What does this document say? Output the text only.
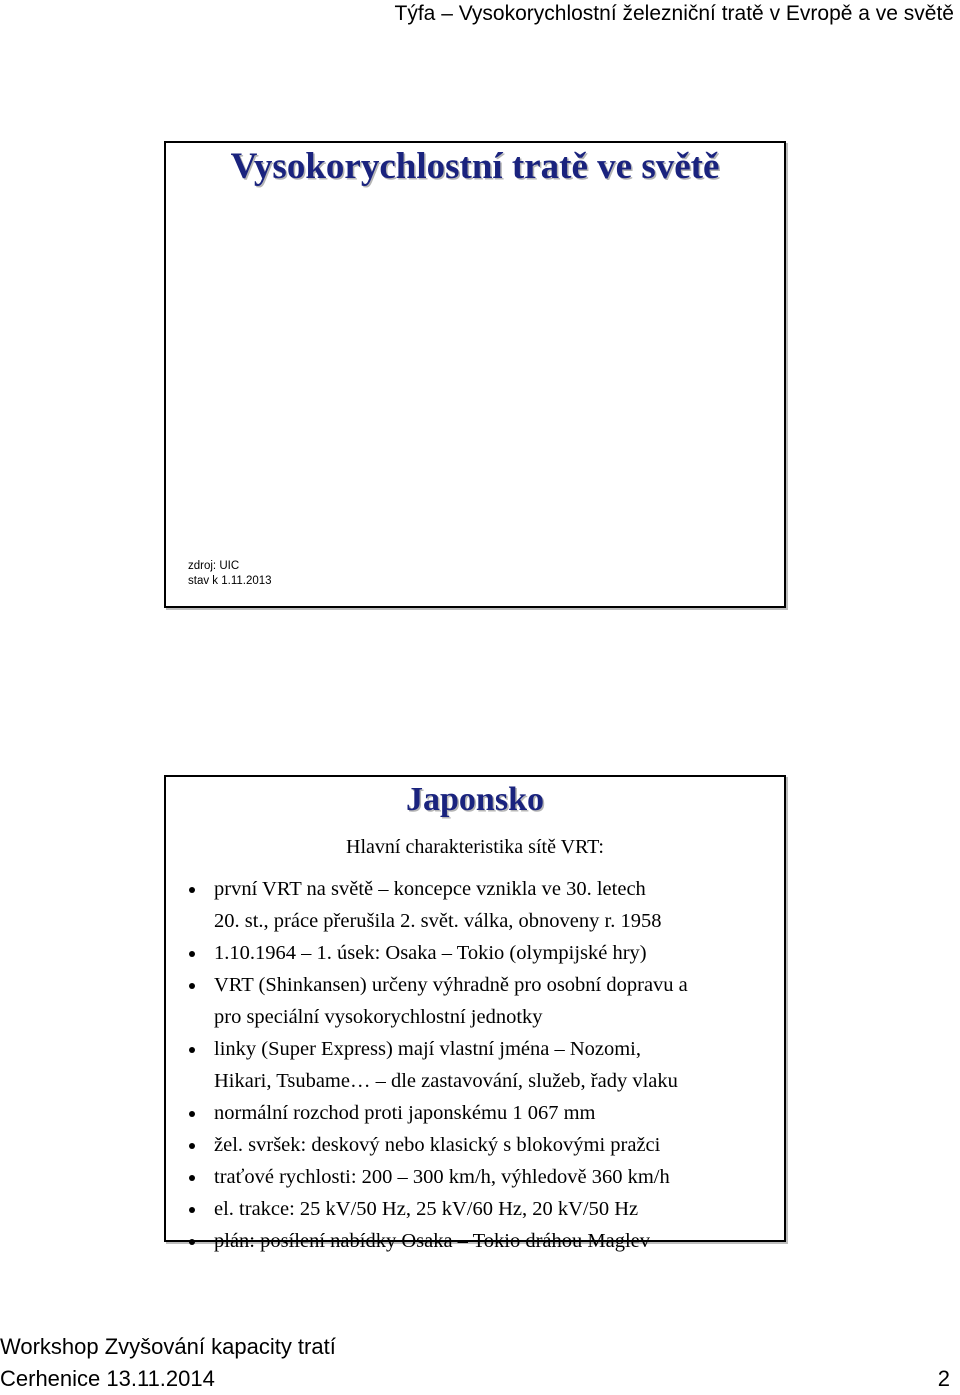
Týfa – Vysokorychlostní železniční tratě v Evropě a ve světě
Vysokorychlostní tratě ve světě
zdroj: UIC
stav k 1.11.2013
Japonsko
Hlavní charakteristika sítě VRT:
první VRT na světě – koncepce vznikla ve 30. letech
20. st., práce přerušila 2. svět. válka, obnoveny r. 1958
1.10.1964 – 1. úsek: Osaka – Tokio (olympijské hry)
VRT (Shinkansen) určeny výhradně pro osobní dopravu a
pro speciální vysokorychlostní jednotky
linky (Super Express) mají vlastní jména – Nozomi,
Hikari, Tsubame… – dle zastavování, služeb, řady vlaku
normální rozchod proti japonskému 1 067 mm
žel. svršek: deskový nebo klasický s blokovými pražci
traťové rychlosti: 200 – 300 km/h, výhledově 360 km/h
el. trakce: 25 kV/50 Hz, 25 kV/60 Hz, 20 kV/50 Hz
plán: posílení nabídky Osaka – Tokio dráhou Maglev
Workshop Zvyšování kapacity tratí
Cerhenice 13.11.2014	2
